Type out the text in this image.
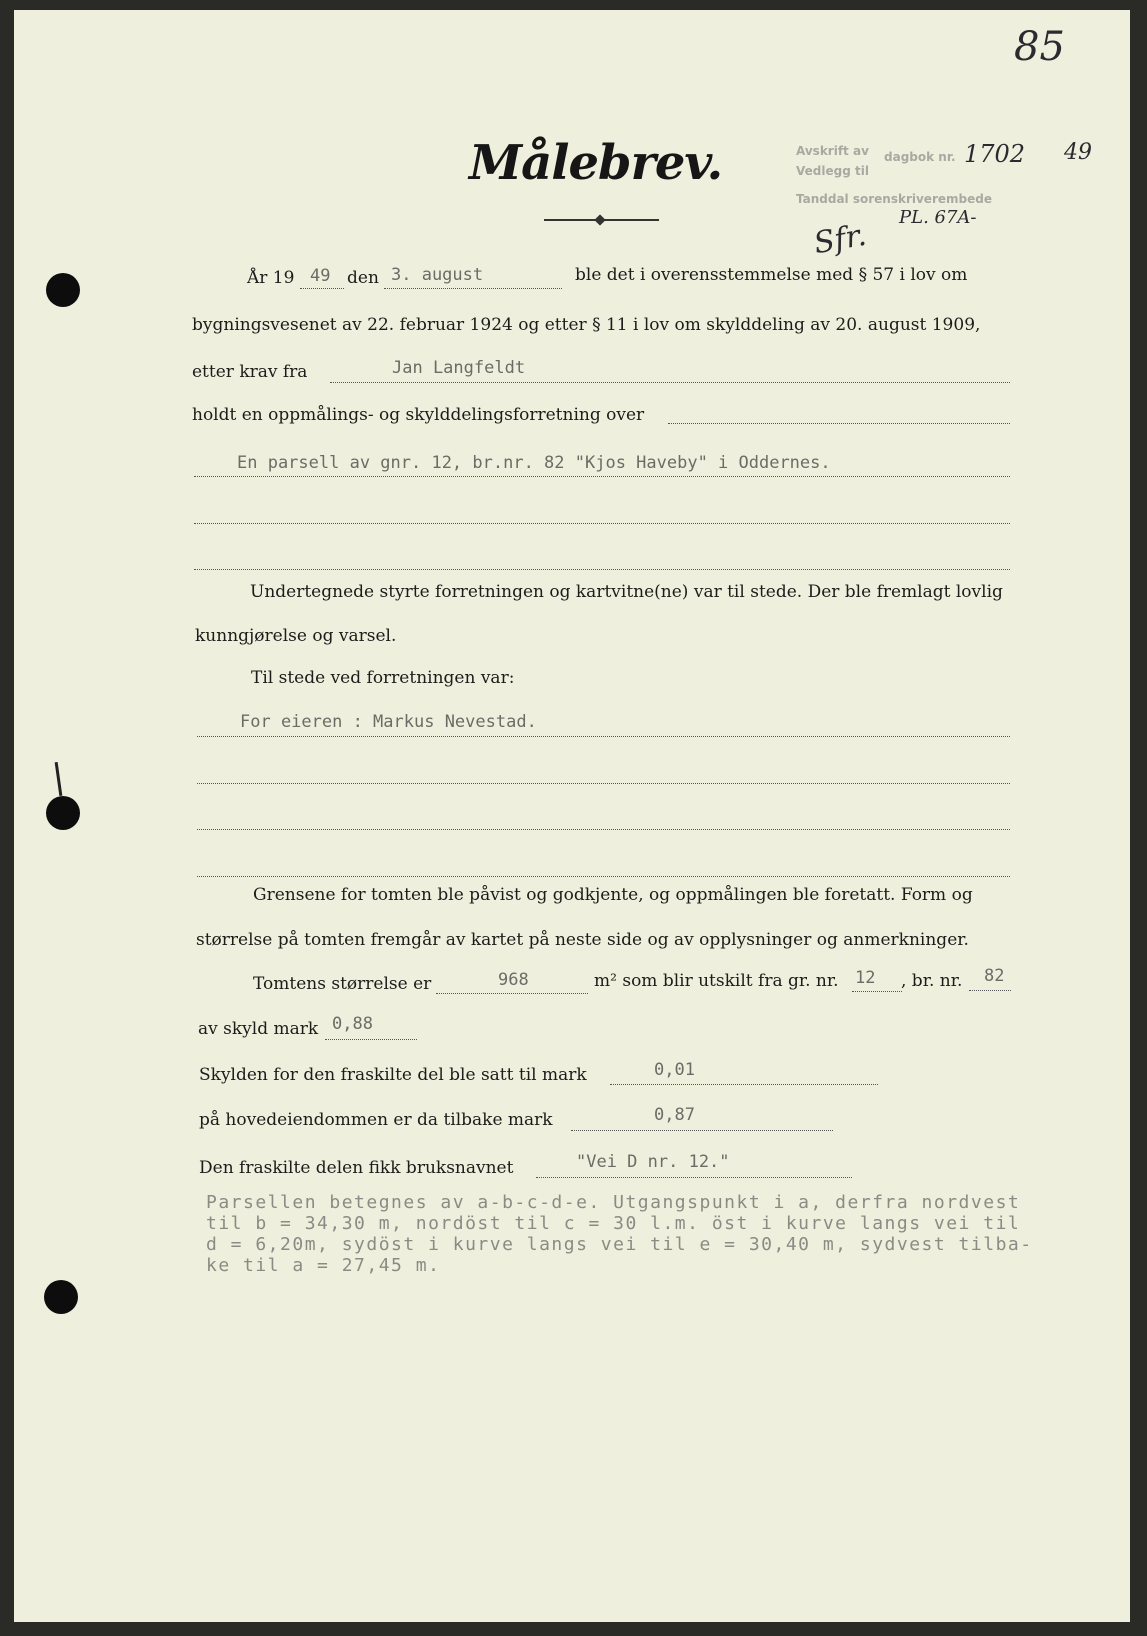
85
Målebrev.	Avskrift av dagbok nr.
Vedlegg til
Tanddal sorenskriverembede
1702 49
PL. 67A-
Sfr.
År 19 49 den 3. august	ble det i overensstemmelse med § 57 i lov om
bygningsvesenet av 22. februar 1924 og etter § 11 i lov om skylddeling av 20. august 1909,
etter krav fra	Jan Langfeldt
holdt en oppmålings- og skylddelingsforretning over
En parsell av gnr. 12, br.nr. 82 "Kjos Haveby" i Oddernes.
Undertegnede styrte forretningen og kartvitne(ne) var til stede. Der ble fremlagt lovlig
kunngjørelse og varsel.
Til stede ved forretningen var:
For eieren : Markus Nevestad.
Grensene for tomten ble påvist og godkjente, og oppmålingen ble foretatt. Form og
størrelse på tomten fremgår av kartet på neste side og av opplysninger og anmerkninger.
Tomtens størrelse er	968	m² som blir utskilt fra gr. nr. 12 , br. nr. 82
av skyld mark 0,88
Skylden for den fraskilte del ble satt til mark	0,01
på hovedeiendommen er da tilbake mark	0,87
Den fraskilte delen fikk bruksnavnet	"Vei D nr. 12."
Parsellen betegnes av a-b-c-d-e. Utgangspunkt i a, derfra nordvest
til b = 34,30 m, nordöst til c = 30 l.m. öst i kurve langs vei til
d = 6,20m, sydöst i kurve langs vei til e = 30,40 m, sydvest tilba-
ke til a = 27,45 m.
